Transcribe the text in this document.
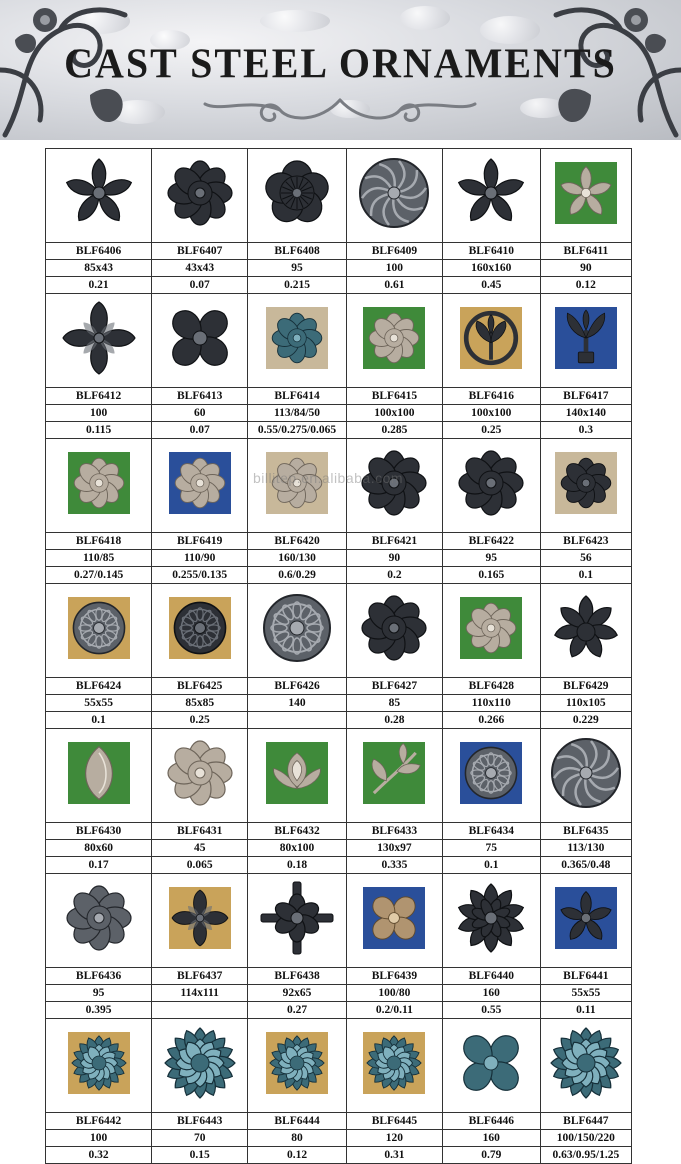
CAST STEEL ORNAMENTS

BLF6406	BLF6407	BLF6408	BLF6409	BLF6410	BLF6411
85x43	43x43	95	100	160x160	90
0.21	0.07	0.215	0.61	0.45	0.12

BLF6412	BLF6413	BLF6414	BLF6415	BLF6416	BLF6417
100	60	113/84/50	100x100	100x100	140x140
0.115	0.07	0.55/0.275/0.065	0.285	0.25	0.3

BLF6418	BLF6419	BLF6420	BLF6421	BLF6422	BLF6423
110/85	110/90	160/130	90	95	56
0.27/0.145	0.255/0.135	0.6/0.29	0.2	0.165	0.1

BLF6424	BLF6425	BLF6426	BLF6427	BLF6428	BLF6429
55x55	85x85	140	85	110x110	110x105
0.1	0.25		0.28	0.266	0.229

BLF6430	BLF6431	BLF6432	BLF6433	BLF6434	BLF6435
80x60	45	80x100	130x97	75	113/130
0.17	0.065	0.18	0.335	0.1	0.365/0.48

BLF6436	BLF6437	BLF6438	BLF6439	BLF6440	BLF6441
95	114x111	92x65	100/80	160	55x55
0.395		0.27	0.2/0.11	0.55	0.11

BLF6442	BLF6443	BLF6444	BLF6445	BLF6446	BLF6447
100	70	80	120	160	100/150/220
0.32	0.15	0.12	0.31	0.79	0.63/0.95/1.25
billitep.en.alibaba.com
